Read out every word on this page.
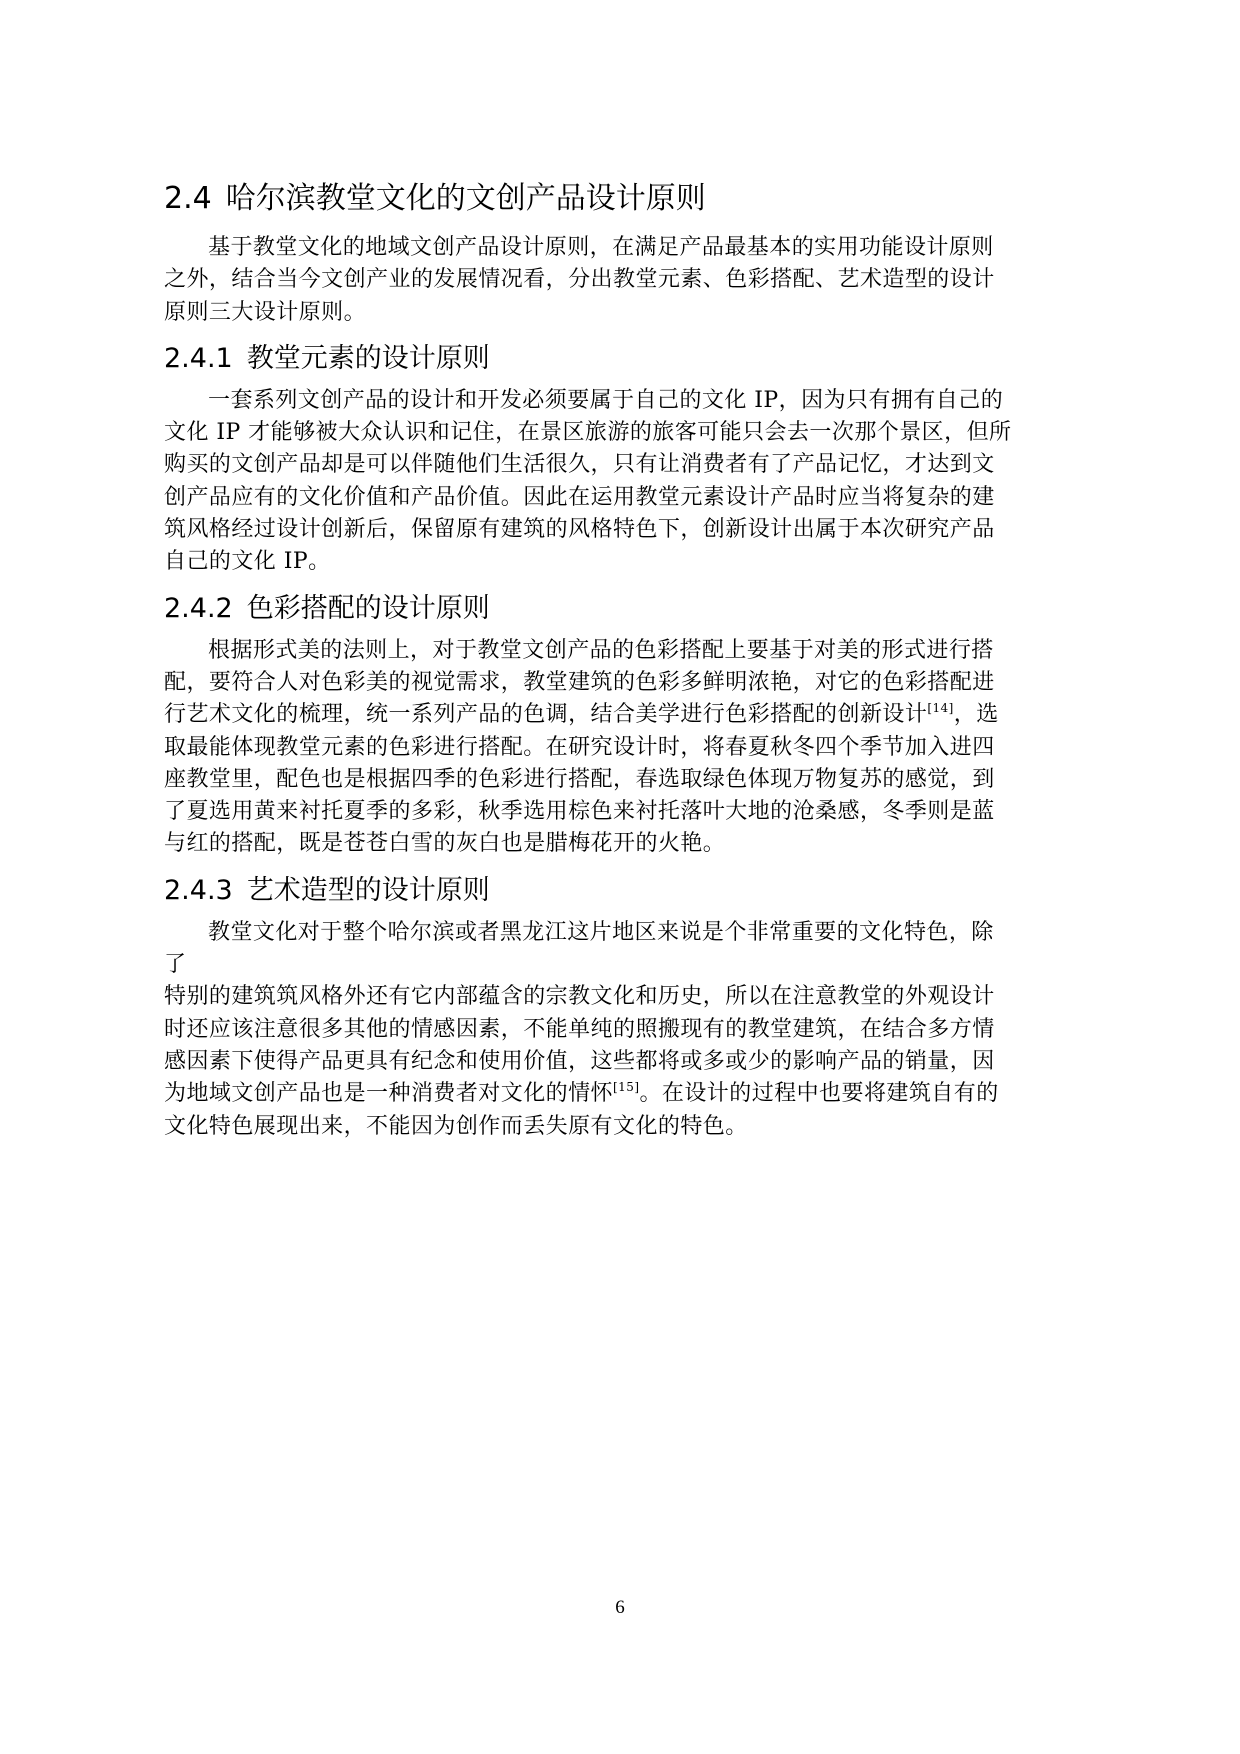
2.4 哈尔滨教堂文化的文创产品设计原则
基于教堂文化的地域文创产品设计原则，在满足产品最基本的实用功能设计原则
之外，结合当今文创产业的发展情况看，分出教堂元素、色彩搭配、艺术造型的设计
原则三大设计原则。
2.4.1 教堂元素的设计原则
一套系列文创产品的设计和开发必须要属于自己的文化 IP，因为只有拥有自己的
文化 IP 才能够被大众认识和记住，在景区旅游的旅客可能只会去一次那个景区，但所
购买的文创产品却是可以伴随他们生活很久，只有让消费者有了产品记忆，才达到文
创产品应有的文化价值和产品价值。因此在运用教堂元素设计产品时应当将复杂的建
筑风格经过设计创新后，保留原有建筑的风格特色下，创新设计出属于本次研究产品
自己的文化 IP。
2.4.2 色彩搭配的设计原则
根据形式美的法则上，对于教堂文创产品的色彩搭配上要基于对美的形式进行搭
配，要符合人对色彩美的视觉需求，教堂建筑的色彩多鲜明浓艳，对它的色彩搭配进
行艺术文化的梳理，统一系列产品的色调，结合美学进行色彩搭配的创新设计[14]，选
取最能体现教堂元素的色彩进行搭配。在研究设计时，将春夏秋冬四个季节加入进四
座教堂里，配色也是根据四季的色彩进行搭配，春选取绿色体现万物复苏的感觉，到
了夏选用黄来衬托夏季的多彩，秋季选用棕色来衬托落叶大地的沧桑感，冬季则是蓝
与红的搭配，既是苍苍白雪的灰白也是腊梅花开的火艳。
2.4.3 艺术造型的设计原则
教堂文化对于整个哈尔滨或者黑龙江这片地区来说是个非常重要的文化特色，除
了
特别的建筑筑风格外还有它内部蕴含的宗教文化和历史，所以在注意教堂的外观设计
时还应该注意很多其他的情感因素，不能单纯的照搬现有的教堂建筑，在结合多方情
感因素下使得产品更具有纪念和使用价值，这些都将或多或少的影响产品的销量，因
为地域文创产品也是一种消费者对文化的情怀[15]。在设计的过程中也要将建筑自有的
文化特色展现出来，不能因为创作而丢失原有文化的特色。
6
